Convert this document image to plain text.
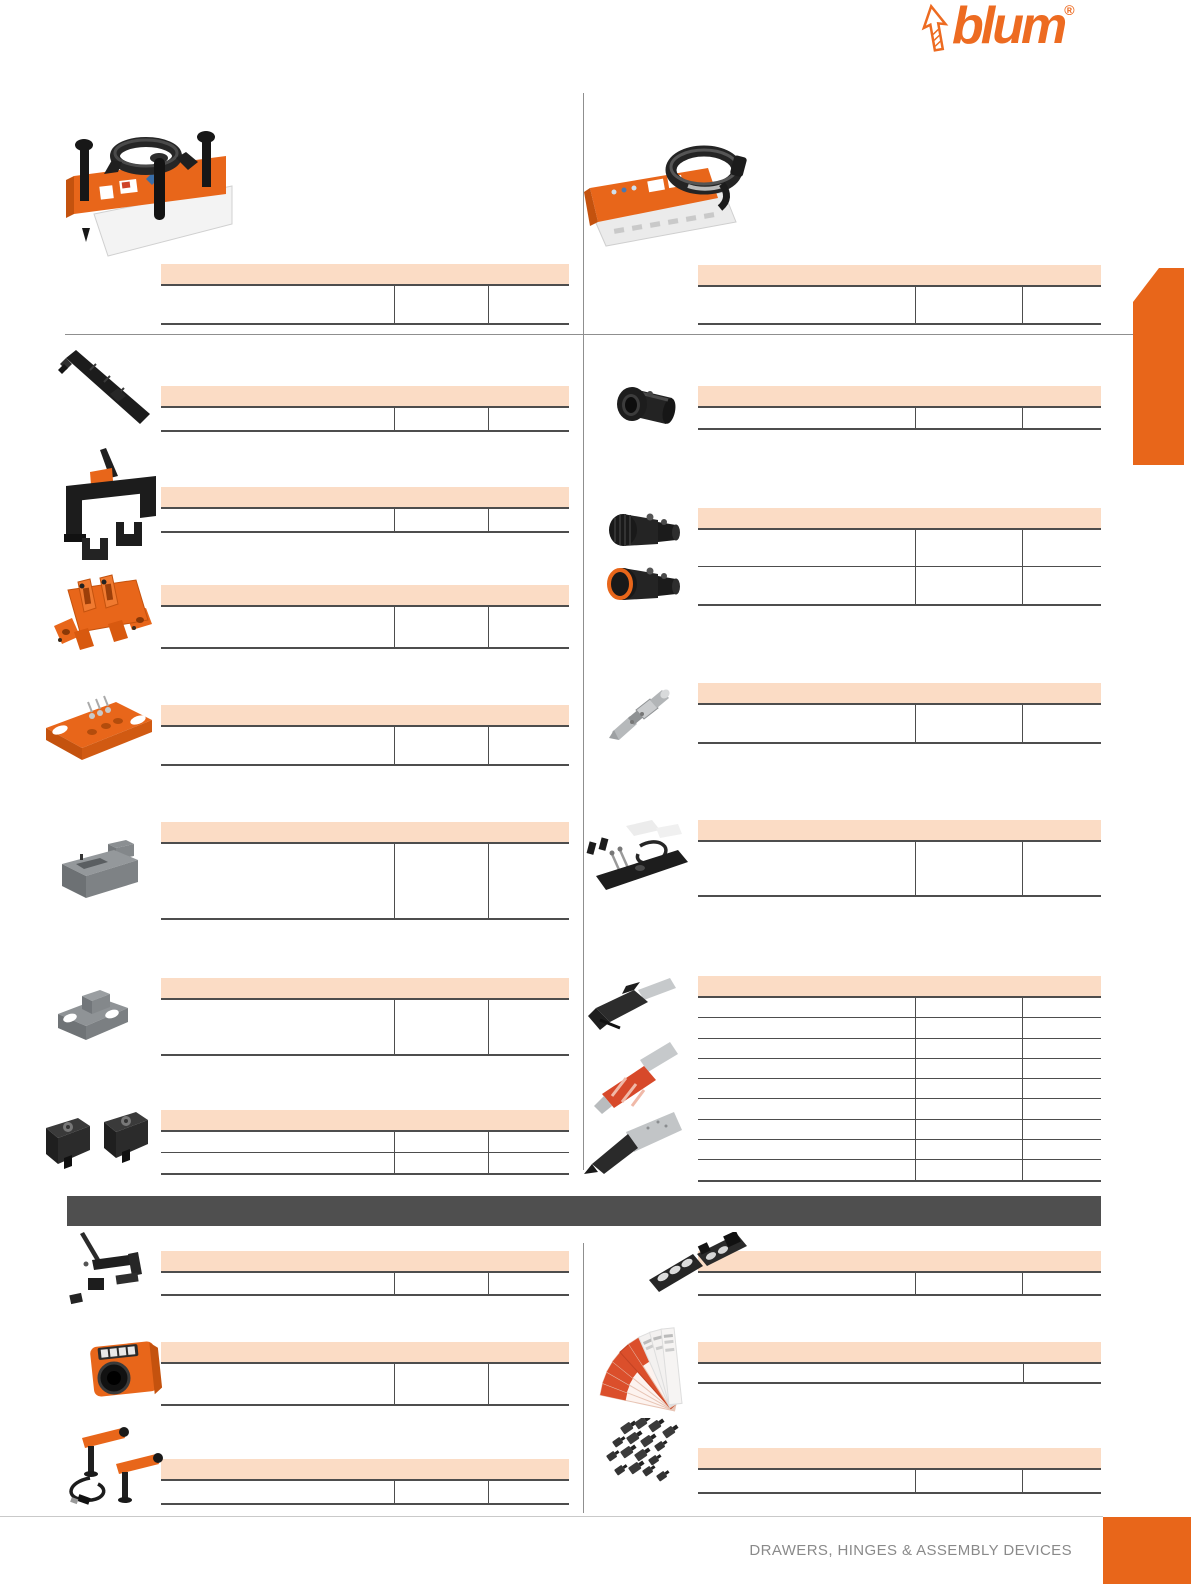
blum ®
DRAWERS, HINGES & ASSEMBLY DEVICES
